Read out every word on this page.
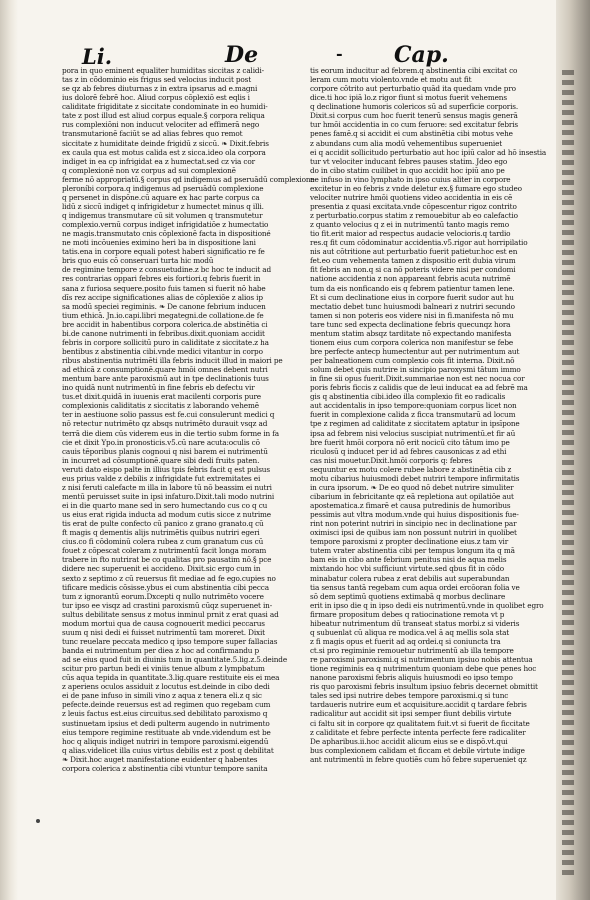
Li.	De	- Cap.

pora in quo eminent equaliter humiditas siccitas z calidi-

tas z in cõdominio eis frigus sed velocius inducit post

se qz ab febres diuturnas z in extra ipsarus ad e.magni

ius dolorē febrē hoc. Aliud corpus cōplexiō est eqlis i

caliditate frigiditate z siccitate condominate in eo humidi-

tate z post illud est aliud corpus equale.§ corpora reliqua

rus complexiōni non inducut velociter ad effimerā nego

transmutarionē faciūt se ad alias febres quo remot

siccitate z humiditate deinde frigidū z siccū. ❧ Dixit.febris

ex caula qua est motus calida est z sicca.ideo ola corpora

indiget in ea cp infrigidat ea z humectat.sed cz via cor

q complexionē non vz corpus ad sui complexionē

ferme nō appropriatū.§ corpus qd indigemus ad pseruādū complexione

pleroníbi corpora.q indigemus ad pseruādū complexione

q persenet in dispōne.cū aquare ex hac parte corpus ca

lidū z siccū indiget q infrigidetur z humectet minus q illi.

q indigemus transmutare cū sit volumen q transmutetur

complexio.vernū corpus indiget infrigidatiōe z humectatio

ne magis.transmutato cnis cōplexionē facta in dispositioné

ne moti incōuenies eximino heri ba in dispositione lani

tatis.ena in corpore equali potest haberi significatio re fe

bris quo euis cō conseruari turta hic modū

de regimine tempore z consuetudine.z bc hoc te inducit ad

res contrarias oppari febres eis fortiori.q febris fuerit in

sana z furiosa sequere.posito fuis tamen si fuerit nō habe

dīs rez accipe significationes alias de cōplexiōe z alios ip

sa modū speciei regiminis. ❧ De canone febrium inducen

tium ethicā. Jn.io.capi.libri megategni.de collatione.de fe

bre accidit in habentibus corpora colerica.de abstinētia ci

bi.de canone nutrimenti in febribus.dixit.quoniam accidit

febris in corpore sollicitū puro in caliditate z siccitate.z ha

bentibus z abstinentia cibi.vnde medici vitantur in corpo

ribus abstinentia nutrimēti illa febris inducit illud in maiori pe

ad ethicā z consumptionē.quare hmōi omnes debent nutri

mentum bare ante paroxismū aut in tpe declinationis tuus

ino quidā nunt nutrimentū in fine febris eb defectu vir

tus.et dixit.quidā in iuuenis erat macilenti corporis pure

complexionis caliditatis z siccitatis z laborando vehemē

ter in aestiuone solio passus est fe.cui consulerunt medici q

nō retectur nutrimēto qz absqs nutrimēto durauit vsqz ad

terrā die diem cūs viderem eus in die tertio subm forme in fa

cie et dixit Ypo.in pronosticis.v5.cū nare acuta:oculis cō

cauis tēporibus planis cognoui q nisi barem ei nutrimentū

in incurret ad cōsumptionē.quare sibi dedi fruits paten.

veruti dato eispo palte in illius tpis febris facit q est pulsus

eus prius valde z debilis z infrigidate fut extremitates ei

z nisi feruti calefacte m illa in labore tū nō beassim ei nutri

mentū peruisset suite in ipsi infaturo.Dixit.tali modo nutrini

ei in die quarto mane sed in sero humectando cus co q cu

us eius erat rigida inducta ad modum cutis sicce z nutrime

tis erat de pulte confecto cū panico z grano granato.q cū

ft magis q dementis alijs nutrimētis quibus nutriri egeri

cius.co fi cōdominū colera rubea z cum granatum cus cū

fouet z cōpescat coleram z nutrimentū facit longa moram

trabere in fto nutrirat be co qualitas pro pausatim nō.§ pce

didere nec superuenit ei accideno. Dixit.sic ergo cum in

sexto z septimo z cū reuersus fit mediae ad fe ego.cupies no

tificare medicis cōsisse.ybus ei cum abstinentia cibi pecca

tum z ignorantū eorum.Dxcepti q nullo nutrimēto vocere

tur ipso ee visqz ad crastini paroxismū cūqz superuenet in-

sultus debilitate sensus z motus inminul prnit z erat quasi ad

modum mortui qua de causa cognouerit medici peccarus

suum q nisi dedi ei fuisset nutrimentū tam moreret. Dixit

tunc reuelare peccata medico q ipso tempore super fallacias

banda ei nutrimentum per diea z hoc ad confirmandu p

ad se eius quod fuit in diuinis tum in quantitate.5.lig.z.5.deinde

scitur pro partun bedi ei viniis tenue album z lympbatum

cūs aqua tepida in quantitate.3.lig.quare restituite eis ei mea

z aperiens oculos assiduit z locutus est.deinde in cibo dedi

ei de pane infuso in simili vino z aqua z tenera eli.z q sic

pefecte.deinde reuersus est ad regimen quo regebam cum

z leuis factus est.eius circuitus.sed debilitato paroxismo q

sustinuetam ipsius et dedi pulterm augendo in nutrimento

eius tempore regimine restituate ab vnde.videndum est be

hoc q aliquis indiget nutriri in tempore paroxismi.eigendū

q alias.videlicet illa cuius virtus debilis est z post q debilitat

❧ Dixit.hoc auget manifestatione euidenter q habentes

corpora colerica z abstinentia cibi vtuntur tempore sanita

tis eorum inducitur ad febrem.q abstinentia cibi excitat co

leram cum motu violento.vnde et motu aut fit

corpore cōtrito aut perturbatio quād ita quedam vnde pro

dice.ti hoc ipiā lo.z rigor fiunt si motus fuerit vehemens

q declinatione humoris colericos sū ad superficie corporis.

Dixit.si corpus cum hoc fuerit tenerū sensus magis generā

tur hmōi accidentia in co cum feruore: sed excitatur febris

penes famē.q si accidit ei cum abstinētia cibi motus vehe

z abundans cum alia modū vehementibus superueniet

ei q accidit sollicitudo perturbatio aut hoc ipiū calor ad hō insestia

tur vt velociter inducant febres pauses statim. Jdeo ego

do in cibo statim cuilibet in quo accidit hoc ipiū ano pe

ne infuso in vino lymphato in ipso cuius aliter in corpore

excitetur in eo febris z vnde deletur ex.§ fumare ego studeo

velociter nutrire hmōi quotiens video accidentia in eis cē

presentia z quasi excitata.vnde cōpescentur rigoz contrito

z perturbatio.corpus statim z remouebitur ab eo calefactio

z quanto velocius q z ei in nutrimentū tanto magis remo

tio fit.erit maior ad respectus audacie velocioris.q tardio

res.q fit cum cōdominatur accidentia.v5.rigor aut horripilatio

nis aut cōtritione aut perturbatio fuerit patietur.hoc est en

fet.eo cum vehementa tamen z dispositio erit dubia virum

fit febris an non.q si ca nō poteris videre nisi per condomi

natione accidentia z non appareant febris acuta nutrimē

tum da eis nonficando eis q febrem patientur tamen lene.

Et si cum declinatione eius in corpore fuerit sudor aut hu

mectatio debet tunc huiusmodi balneari z nutriri secundo

tamen si non poteris eos videre nisi in fi.manifesta nō mu

tare tunc sed expecta declinatione febris quecunqz hora

mentum statim absqz tarditate nō expectando manifesta

tionem eius cum corpora colerica non manifestur se febe

bre perfecte antecp humectentur aut per nutrimentum aut

per balneationem cum complexio cois fit interna. Dixit.nō

solum debet quis nutrire in sincipio paroxysmi tātum immo

in fine sii opus fuerit.Dixit.summariae non est nec nocua cor

poris febris ficcis z calidis que de leui inducat ea ad febrē ma

gis q abstinentia cibi.ideo illa complexio fit eo radicalis

aut accidentalis in ipso tempore:quoniam corpus licet non

fuerit in complexione calida z ficca transmutarū ad locum

tpe z regimen ad caliditate z siccitatem aptatur in ipsīpone

ipsa ad febrem nisi velocius suscipiat nutrimentū.et fir aū

bre fuerit hmōi corpora nō erit nocicū cito tātum imo pe

riculosū q inducet per id ad febres causonicas z ad ethi

cas nisi mouetur.Dixit.hmōi corporis q: febres

sequuntur ex motu colere rubee labore z abstinētia cib z

motu cibarius huiusmodi debet nutriri tempore infirmitatis

in cura ipsorum. ❧ De eo quod nō debet nutrire simuliter

cibarium in febricitante qz eā repletiona aut opilatiōe aut

apostematica.z fimarē et causa putredinis de humoribus

pessimis aut vltra modum.vnde qui huius dispositionis fue-

rint non poterint nutriri in sincipio nec in declinatione par

oximisci ipsi de quibus iam non possunt nutriri in quolibet

tempore paroxismi z propter declinatione eius.z tam vir

tutem vrater abstinentia cibi per tempus longum ita q mā

bam eis in cibo ante febrium penitus nisi de aqua melis

mixtando hoc vbi sufficiunt virtute.sed qbus fit in cōdo

minabatur colera rubea z erat debilis aut superabundan

tia sensus tantā regebam cum aqua ordei ercōoran folia ve

sō dem septimū quotiens extimabā q morbus declinare

erit in ipso die q in ipso dedi eis nutrimentū.vnde in quolibet egro

firmare propositum debes q ratiocinatione remota vt p

hibeatur nutrimentum dū transeat status morbi.z si videris

q subuenlat cū aliqua re modica.vel ā aq mellis sola stat

z fi magis opus et fuerit ad aq ordei.q si coniuncta tra

ct.si pro regiminie remouetur nutrimentū ab illa tempore

re paroxismi paroxismi.q si nutrimentum ipsiuo nobis attentua

tione regiminis ea q nutrimentum quoniam debe que penes hoc

nanone paroxismi febris aliquis huiusmodi eo ipso tempo

ris quo paroxismi febris insultum ipsiuo febris decernet obmittit

tales sed ipsi nutrire debes tempore paroxismi.q si tunc

tardaueris nutrire eum et acquisiture.accidit q tardare febris

radicalitur aut accidit sit ipsi semper fiunt debilis virtute

ci faltu sit in corpore qz qualitatem fuit.vt si fuerit de ficcitate

z caliditate et febre perfecte intenta perfecte fere radicaliter

De apharibus.ii.hoc accidit alicum eius se e dispō.vt.qui

bus complexionem calidam et ficcam et debile virtute indige

ant nutrimentū in febre quotiēs cum hō febre superueniet qz
